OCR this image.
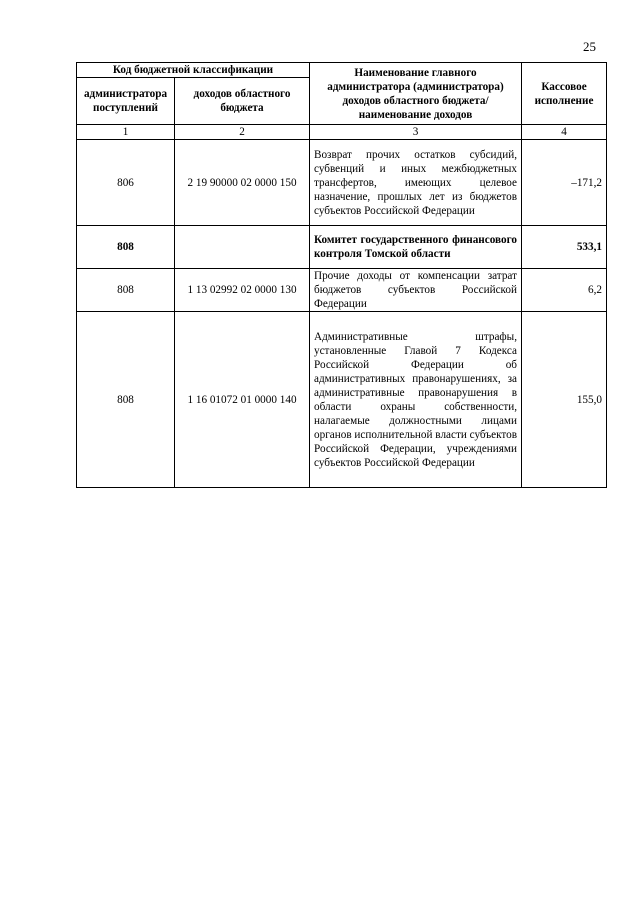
25
Код бюджетной классификации		Наименование главного администратора (администратора) доходов областного бюджета/ наименование доходов	Кассовое исполнение
администратора поступлений	доходов областного бюджета		
1	2	3	4
806	2 19 90000 02 0000 150	Возврат прочих остатков субсидий, субвенций и иных межбюджетных трансфертов, имеющих целевое назначение, прошлых лет из бюджетов субъектов Российской Федерации	–171,2
808		Комитет государственного финансового контроля Томской области	533,1
808	1 13 02992 02 0000 130	Прочие доходы от компенсации затрат бюджетов субъектов Российской Федерации	6,2
808	1 16 01072 01 0000 140	Административные штрафы, установленные Главой 7 Кодекса Российской Федерации об административных правонарушениях, за административные правонарушения в области охраны собственности, налагаемые должностными лицами органов исполнительной власти субъектов Российской Федерации, учреждениями субъектов Российской Федерации	155,0
